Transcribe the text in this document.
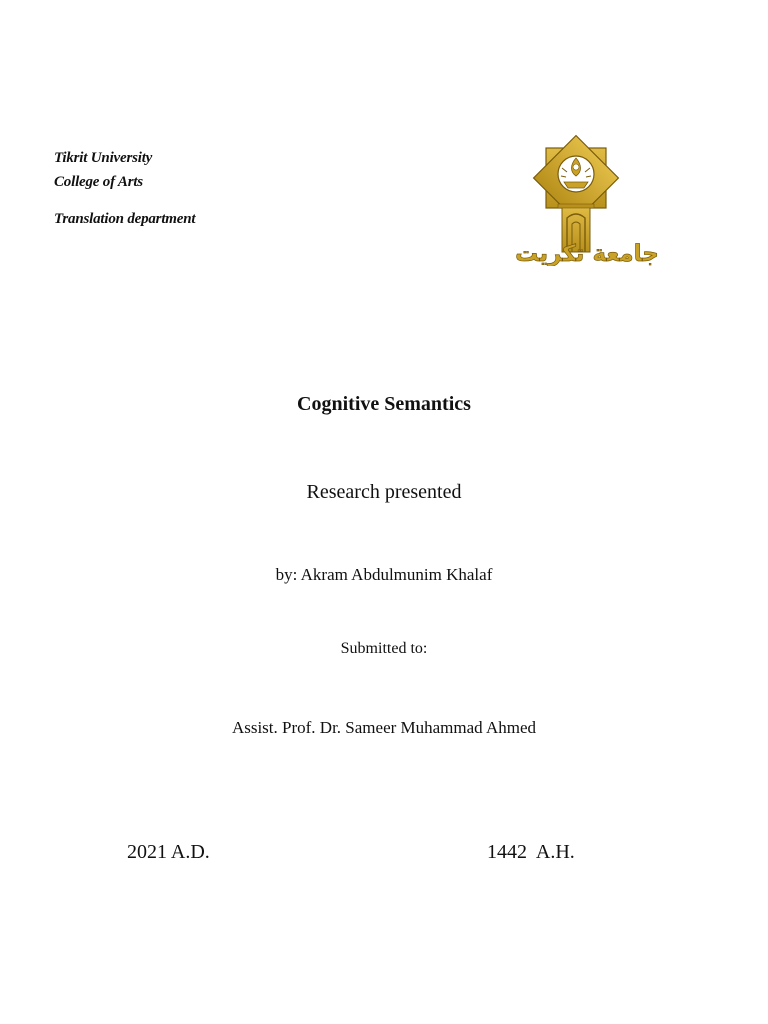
Tikrit University
College of Arts
Translation department
جامعة تكريت
Cognitive Semantics
Research presented
by: Akram Abdulmunim Khalaf
Submitted to:
Assist. Prof. Dr. Sameer Muhammad Ahmed
2021 A.D.	1442  A.H.
